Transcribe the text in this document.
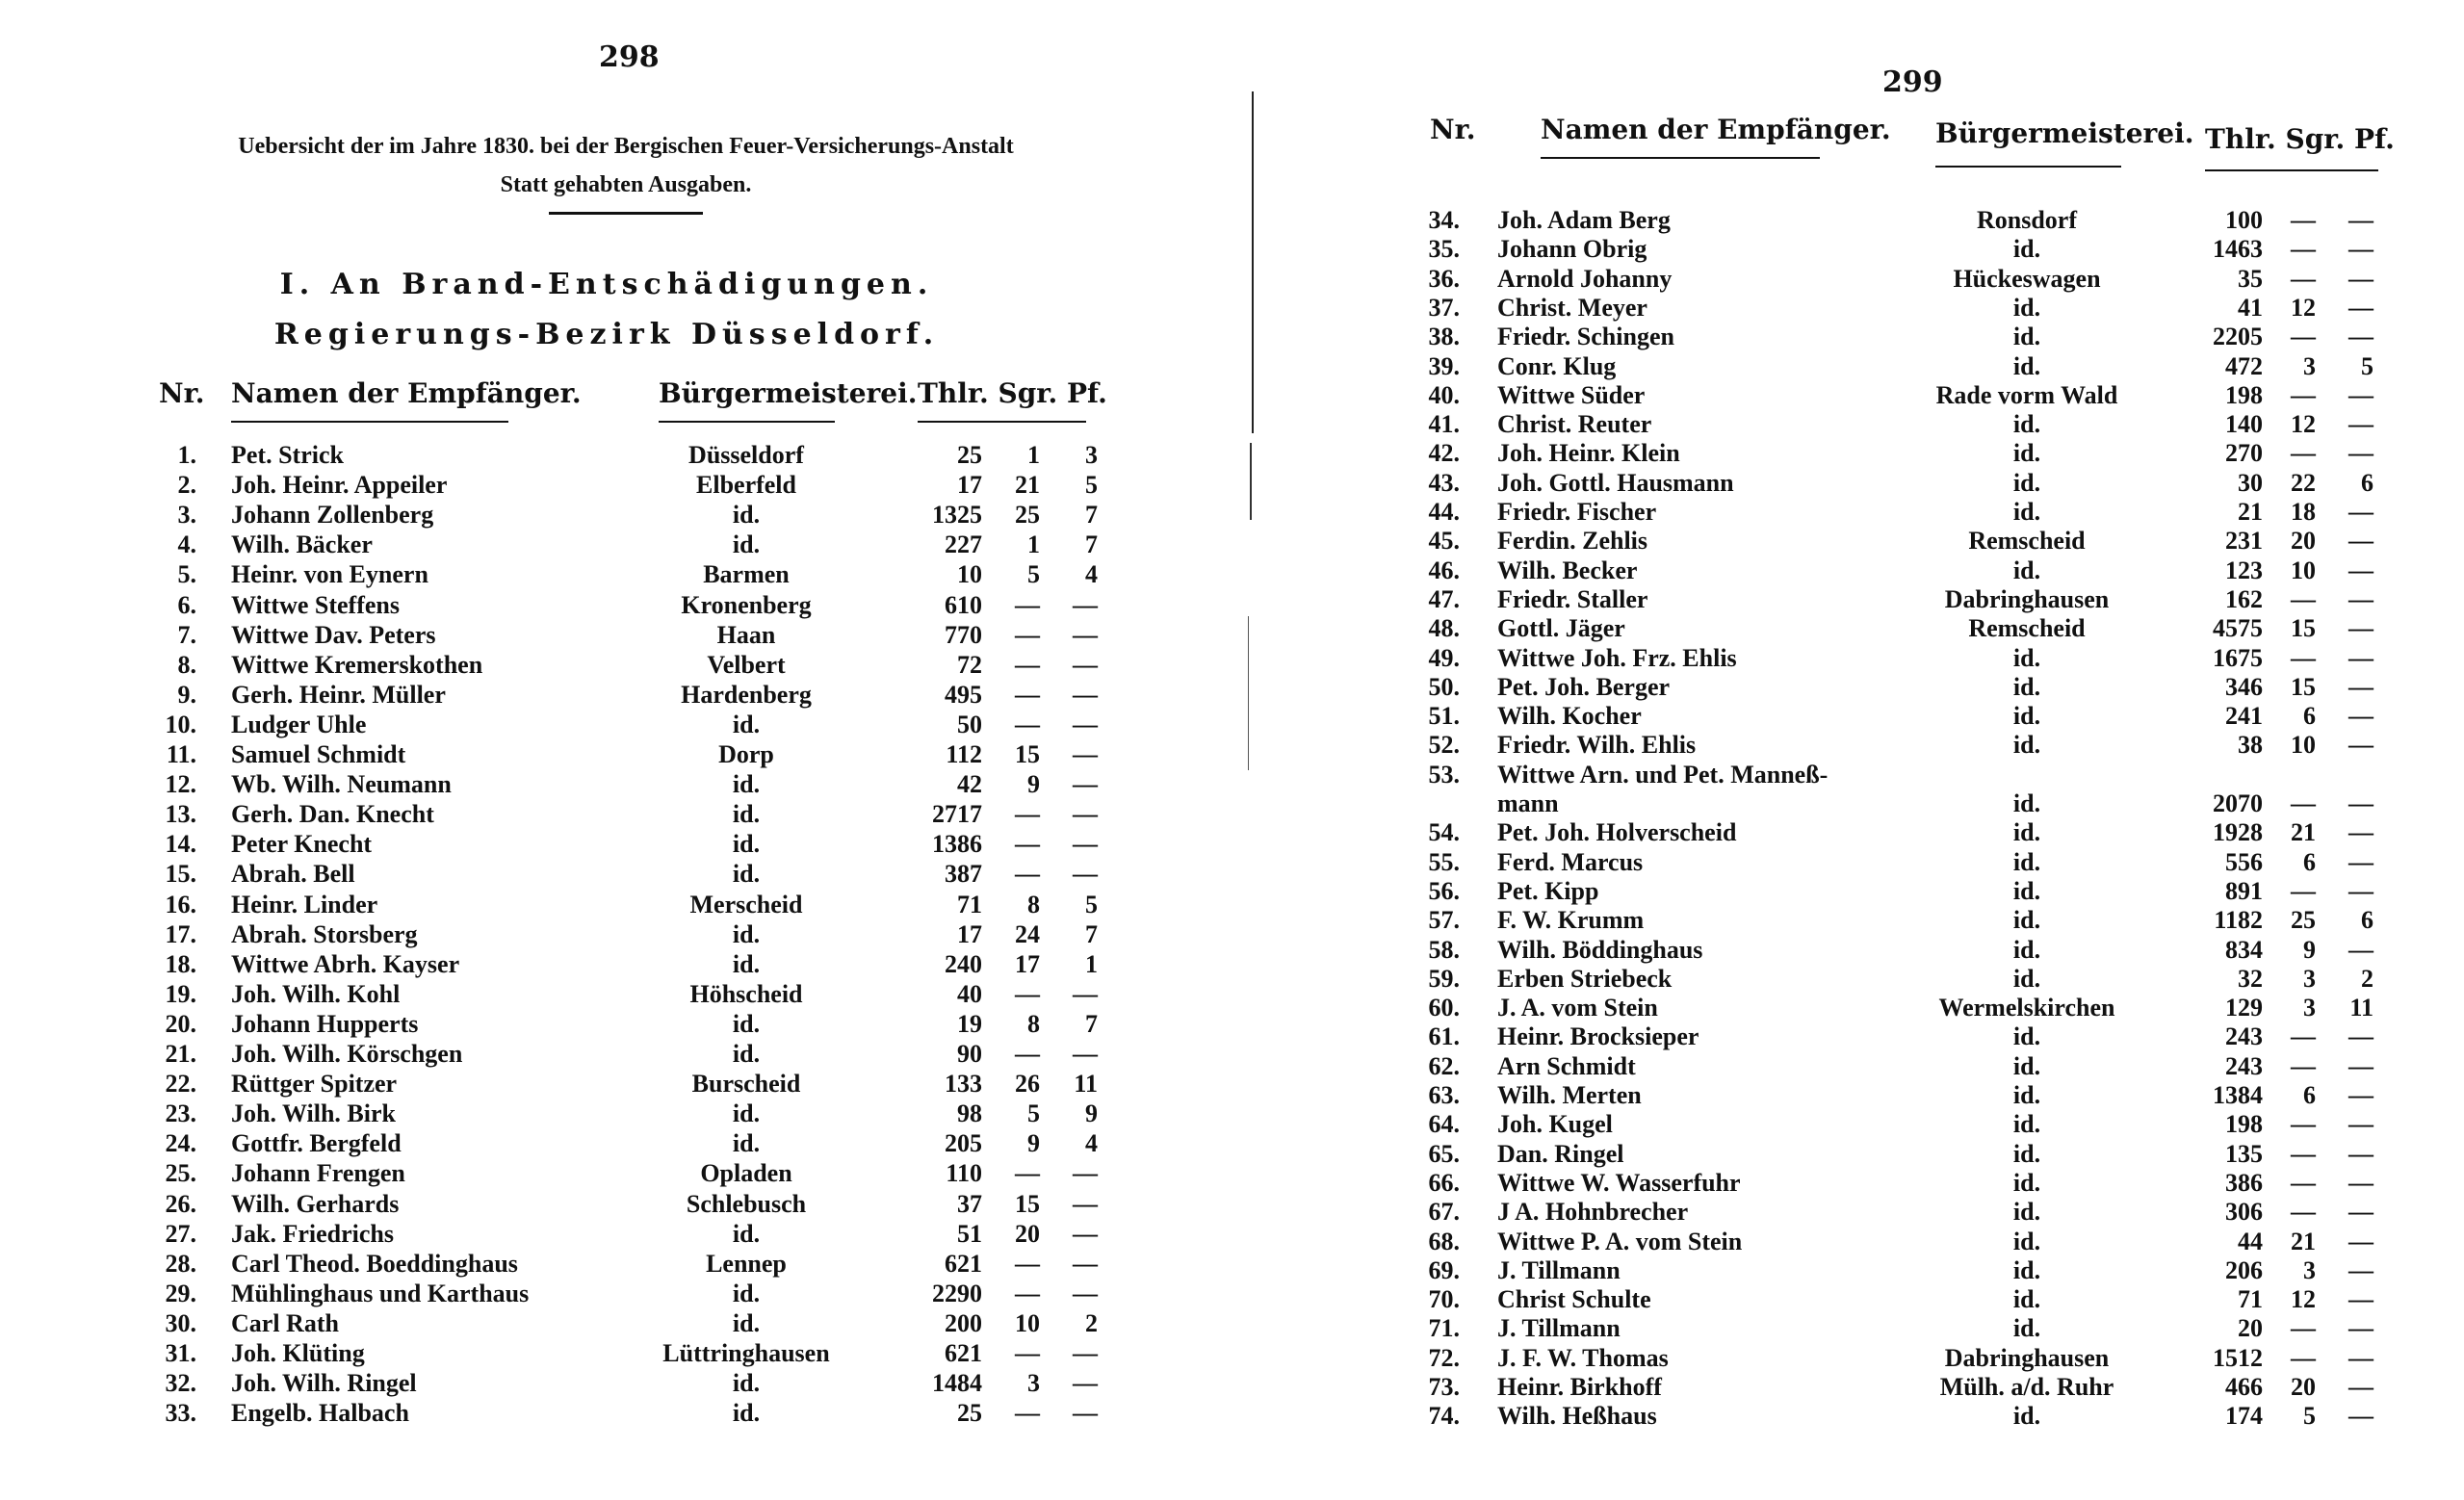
298
Uebersicht der im Jahre 1830. bei der Bergischen Feuer-Versicherungs-Anstalt
Statt gehabten Ausgaben.
I. An Brand-Entschädigungen.
Regierungs-Bezirk Düsseldorf.
Nr. Namen der Empfänger.	Bürgermeisterei. Thlr. Sgr. Pf.
1. Pet. Strick	Düsseldorf	25	1	3
2. Joh. Heinr. Appeiler	Elberfeld	17	21	5
3. Johann Zollenberg	id.	1325	25	7
4. Wilh. Bäcker	id.	227	1	7
5. Heinr. von Eynern	Barmen	10	5	4
6. Wittwe Steffens	Kronenberg	610	—	—
7. Wittwe Dav. Peters	Haan	770	—	—
8. Wittwe Kremerskothen	Velbert	72	—	—
9. Gerh. Heinr. Müller	Hardenberg	495	—	—
10. Ludger Uhle	id.	50	—	—
11. Samuel Schmidt	Dorp	112	15	—
12. Wb. Wilh. Neumann	id.	42	9	—
13. Gerh. Dan. Knecht	id.	2717	—	—
14. Peter Knecht	id.	1386	—	—
15. Abrah. Bell	id.	387	—	—
16. Heinr. Linder	Merscheid	71	8	5
17. Abrah. Storsberg	id.	17	24	7
18. Wittwe Abrh. Kayser	id.	240	17	1
19. Joh. Wilh. Kohl	Höhscheid	40	—	—
20. Johann Hupperts	id.	19	8	7
21. Joh. Wilh. Körschgen	id.	90	—	—
22. Rüttger Spitzer	Burscheid	133	26	11
23. Joh. Wilh. Birk	id.	98	5	9
24. Gottfr. Bergfeld	id.	205	9	4
25. Johann Frengen	Opladen	110	—	—
26. Wilh. Gerhards	Schlebusch	37	15	—
27. Jak. Friedrichs	id.	51	20	—
28. Carl Theod. Boeddinghaus	Lennep	621	—	—
29. Mühlinghaus und Karthaus	id.	2290	—	—
30. Carl Rath	id.	200	10	2
31. Joh. Klüting	Lüttringhausen	621	—	—
32. Joh. Wilh. Ringel	id.	1484	3	—
33. Engelb. Halbach	id.	25	—	—
299
Nr. Namen der Empfänger. Bürgermeisterei. Thlr. Sgr. Pf.
34. Joh. Adam Berg	Ronsdorf	100	—	—
35. Johann Obrig	id.	1463	—	—
36. Arnold Johanny	Hückeswagen	35	—	—
37. Christ. Meyer	id.	41	12	—
38. Friedr. Schingen	id.	2205	—	—
39. Conr. Klug	id.	472	3	5
40. Wittwe Süder	Rade vorm Wald	198	—	—
41. Christ. Reuter	id.	140	12	—
42. Joh. Heinr. Klein	id.	270	—	—
43. Joh. Gottl. Hausmann	id.	30	22	6
44. Friedr. Fischer	id.	21	18	—
45. Ferdin. Zehlis	Remscheid	231	20	—
46. Wilh. Becker	id.	123	10	—
47. Friedr. Staller	Dabringhausen	162	—	—
48. Gottl. Jäger	Remscheid	4575	15	—
49. Wittwe Joh. Frz. Ehlis	id.	1675	—	—
50. Pet. Joh. Berger	id.	346	15	—
51. Wilh. Kocher	id.	241	6	—
52. Friedr. Wilh. Ehlis	id.	38	10	—
53. Wittwe Arn. und Pet. Manneß-
mann	id.	2070	—	—
54. Pet. Joh. Holverscheid	id.	1928	21	—
55. Ferd. Marcus	id.	556	6	—
56. Pet. Kipp	id.	891	—	—
57. F. W. Krumm	id.	1182	25	6
58. Wilh. Böddinghaus	id.	834	9	—
59. Erben Striebeck	id.	32	3	2
60. J. A. vom Stein	Wermelskirchen	129	3	11
61. Heinr. Brocksieper	id.	243	—	—
62. Arn Schmidt	id.	243	—	—
63. Wilh. Merten	id.	1384	6	—
64. Joh. Kugel	id.	198	—	—
65. Dan. Ringel	id.	135	—	—
66. Wittwe W. Wasserfuhr	id.	386	—	—
67. J A. Hohnbrecher	id.	306	—	—
68. Wittwe P. A. vom Stein	id.	44	21	—
69. J. Tillmann	id.	206	3	—
70. Christ Schulte	id.	71	12	—
71. J. Tillmann	id.	20	—	—
72. J. F. W. Thomas	Dabringhausen	1512	—	—
73. Heinr. Birkhoff	Mülh. a/d. Ruhr	466	20	—
74. Wilh. Heßhaus	id.	174	5	—
